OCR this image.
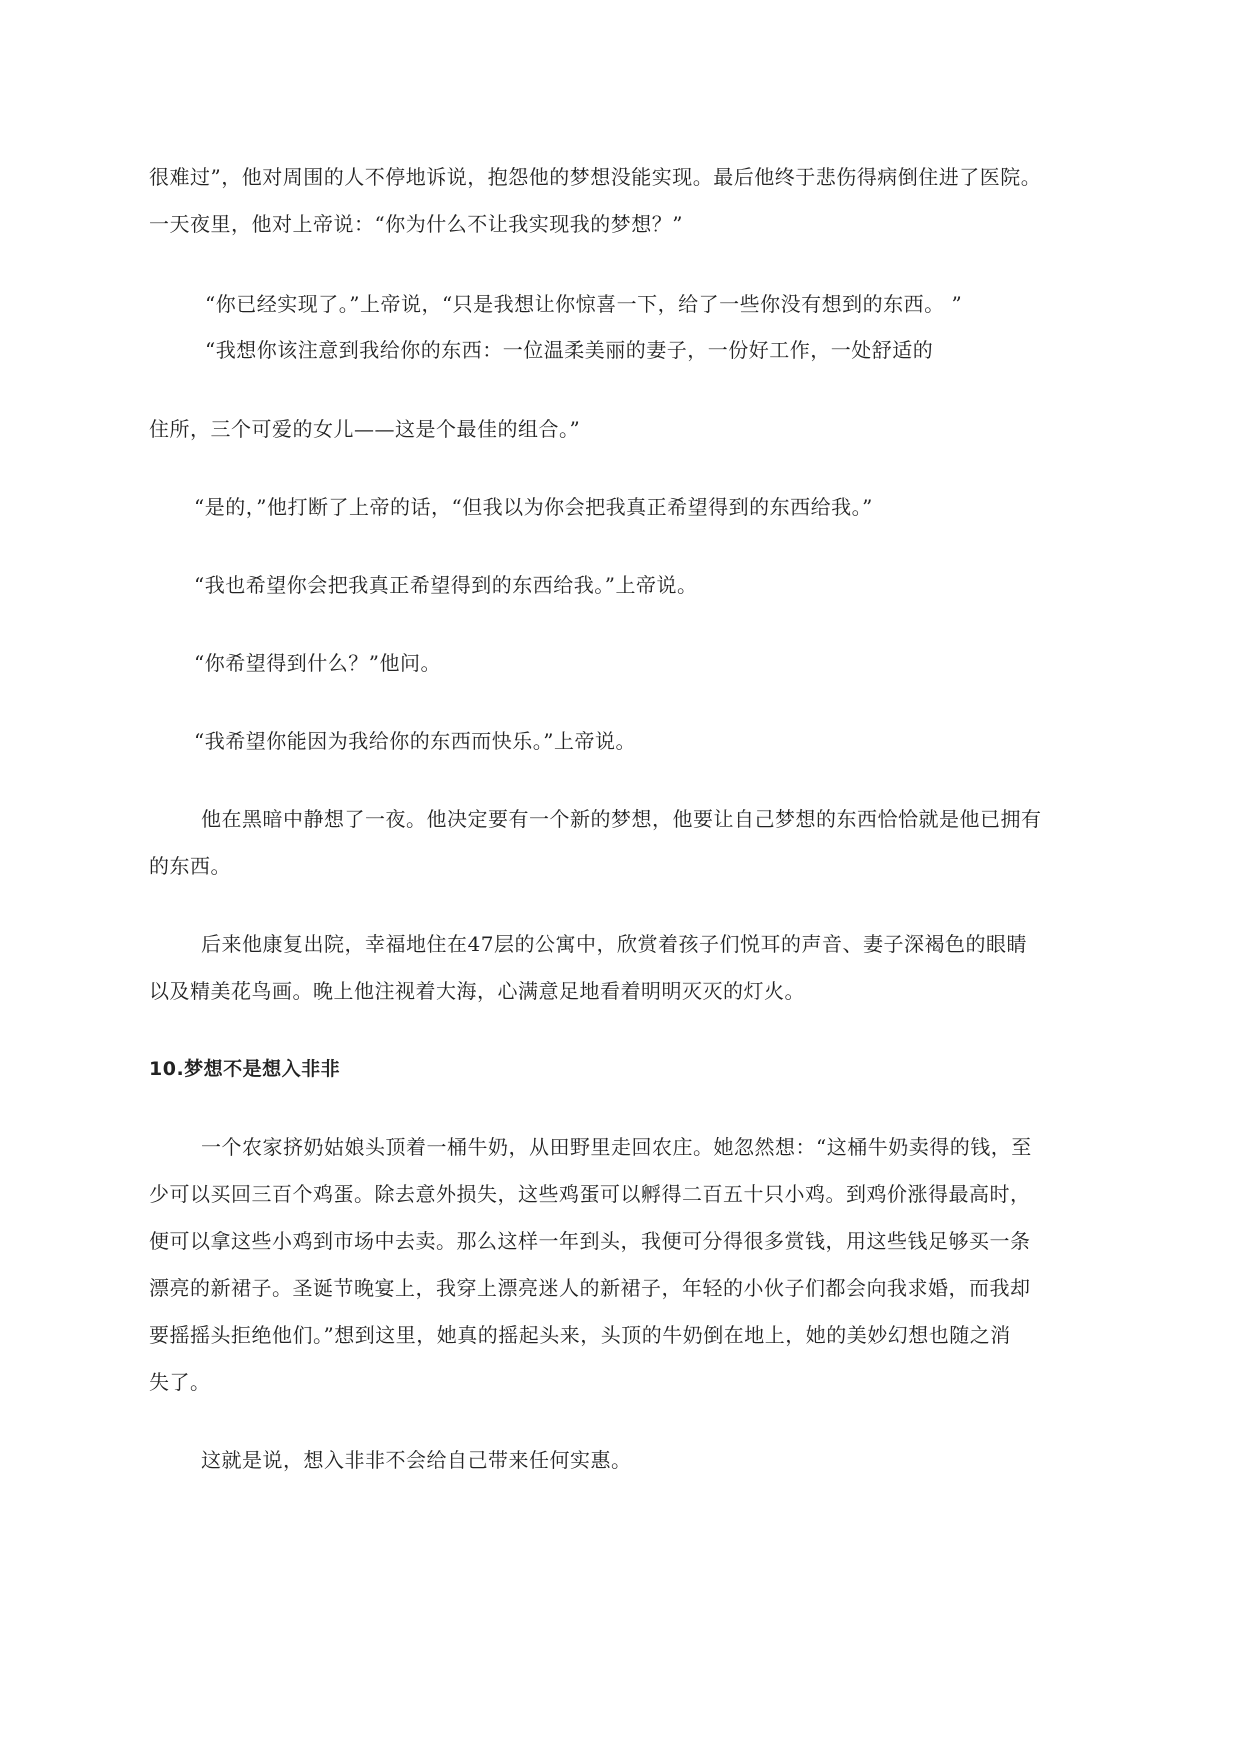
很难过”，他对周围的人不停地诉说，抱怨他的梦想没能实现。最后他终于悲伤得病倒住进了医院。
一天夜里，他对上帝说：“你为什么不让我实现我的梦想？”
“你已经实现了。”上帝说，“只是我想让你惊喜一下，给了一些你没有想到的东西。 ”
“我想你该注意到我给你的东西：一位温柔美丽的妻子，一份好工作，一处舒适的
住所，三个可爱的女儿——这是个最佳的组合。”
“是的，”他打断了上帝的话，“但我以为你会把我真正希望得到的东西给我。”
“我也希望你会把我真正希望得到的东西给我。”上帝说。
“你希望得到什么？”他问。
“我希望你能因为我给你的东西而快乐。”上帝说。
他在黑暗中静想了一夜。他决定要有一个新的梦想，他要让自己梦想的东西恰恰就是他已拥有
的东西。
后来他康复出院，幸福地住在47层的公寓中，欣赏着孩子们悦耳的声音、妻子深褐色的眼睛
以及精美花鸟画。晚上他注视着大海，心满意足地看着明明灭灭的灯火。
10.梦想不是想入非非
一个农家挤奶姑娘头顶着一桶牛奶，从田野里走回农庄。她忽然想：“这桶牛奶卖得的钱，至
少可以买回三百个鸡蛋。除去意外损失，这些鸡蛋可以孵得二百五十只小鸡。到鸡价涨得最高时，
便可以拿这些小鸡到市场中去卖。那么这样一年到头，我便可分得很多赏钱，用这些钱足够买一条
漂亮的新裙子。圣诞节晚宴上，我穿上漂亮迷人的新裙子，年轻的小伙子们都会向我求婚，而我却
要摇摇头拒绝他们。”想到这里，她真的摇起头来，头顶的牛奶倒在地上，她的美妙幻想也随之消
失了。
这就是说，想入非非不会给自己带来任何实惠。
